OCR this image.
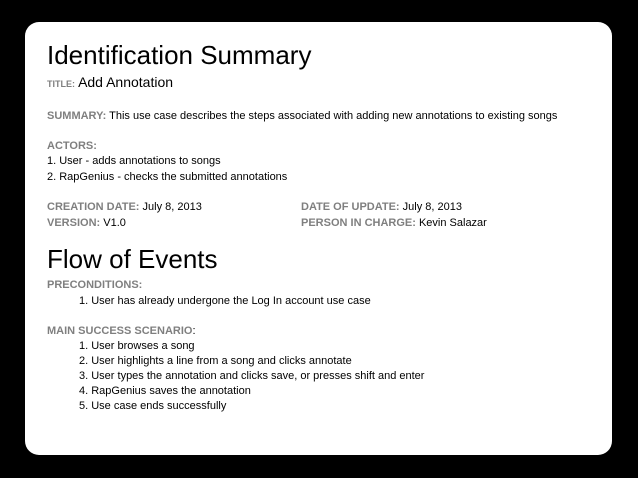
Identification Summary
TITLE: Add Annotation
SUMMARY: This use case describes the steps associated with adding new annotations to existing songs
ACTORS:
1. User - adds annotations to songs
2. RapGenius - checks the submitted annotations
CREATION DATE: July 8, 2013
VERSION: V1.0
DATE OF UPDATE: July 8, 2013
PERSON IN CHARGE: Kevin Salazar
Flow of Events
PRECONDITIONS:
1. User has already undergone the Log In account use case
MAIN SUCCESS SCENARIO:
1. User browses a song
2. User highlights a line from a song and clicks annotate
3. User types the annotation and clicks save, or presses shift and enter
4. RapGenius saves the annotation
5. Use case ends successfully
